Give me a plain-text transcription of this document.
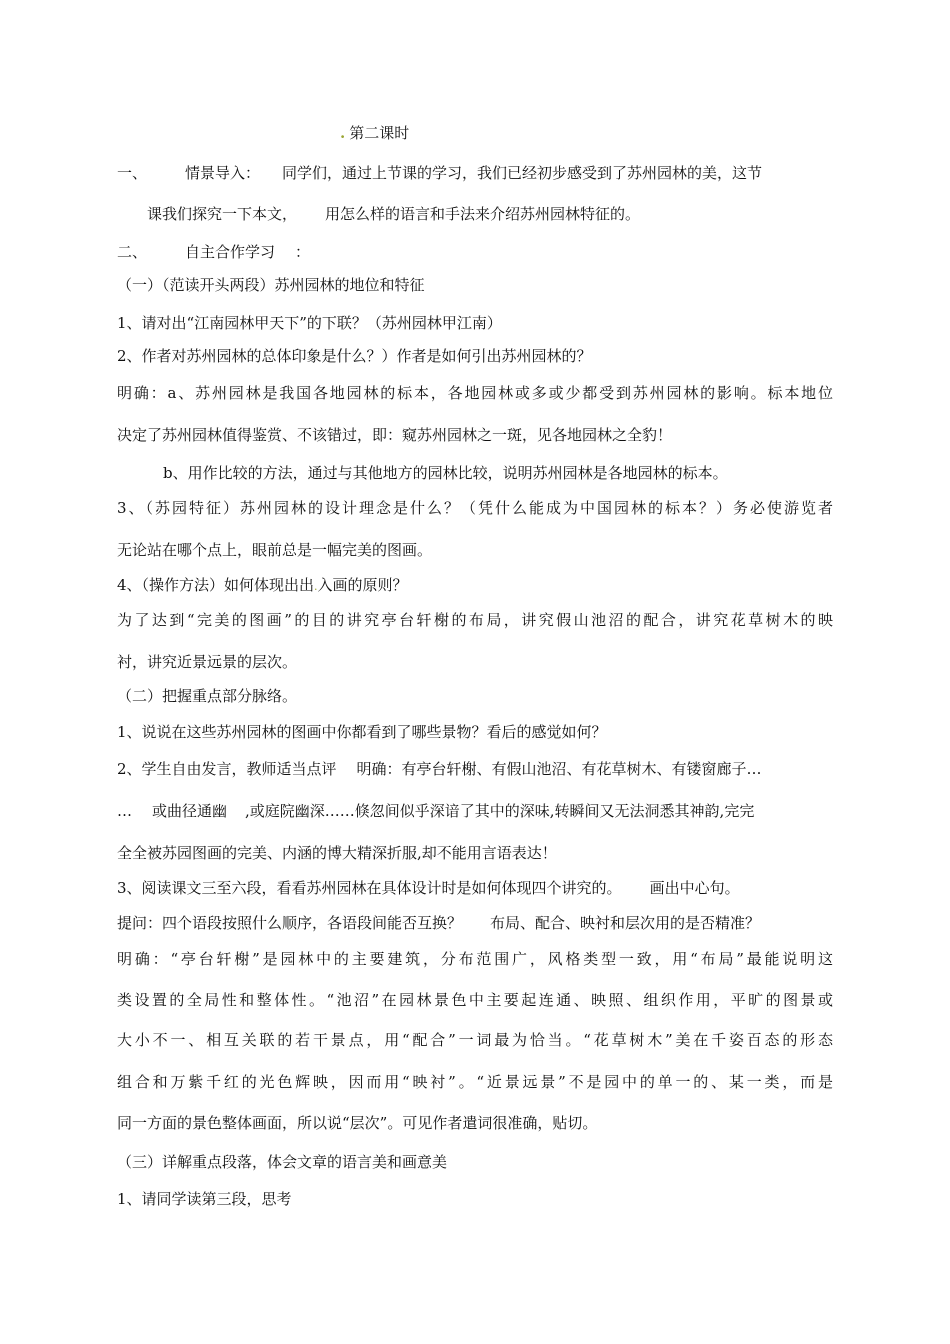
. 第二课时
一、	情景导入： 同学们，通过上节课的学习，我们已经初步感受到了苏州园林的美，这节
课我们探究一下本文， 用怎么样的语言和手法来介绍苏州园林特征的。
二、	自主合作学习 ：
（一）（范读开头两段）苏州园林的地位和特征
1、请对出“江南园林甲天下”的下联？（苏州园林甲江南）
2、作者对苏州园林的总体印象是什么？）作者是如何引出苏州园林的？
明确：a、苏州园林是我国各地园林的标本，各地园林或多或少都受到苏州园林的影响。标本地位
决定了苏州园林值得鉴赏、不该错过，即：窥苏州园林之一斑，见各地园林之全豹！
b、用作比较的方法，通过与其他地方的园林比较，说明苏州园林是各地园林的标本。
3、（苏园特征）苏州园林的设计理念是什么？（凭什么能成为中国园林的标本？）务必使游览者
无论站在哪个点上，眼前总是一幅完美的图画。
4、（操作方法）如何体现出出.入画的原则？
为了达到“完美的图画”的目的讲究亭台轩榭的布局，讲究假山池沼的配合，讲究花草树木的映
衬，讲究近景远景的层次。
（二）把握重点部分脉络。
1、说说在这些苏州园林的图画中你都看到了哪些景物？看后的感觉如何？
2、学生自由发言，教师适当点评 明确：有亭台轩榭、有假山池沼、有花草树木、有镂窗廊子…
… 或曲径通幽 ,或庭院幽深……倏忽间似乎深谙了其中的深味,转瞬间又无法洞悉其神韵,完完
全全被苏园图画的完美、内涵的博大精深折服,却不能用言语表达！
3、阅读课文三至六段，看看苏州园林在具体设计时是如何体现四个讲究的。 画出中心句。
提问：四个语段按照什么顺序，各语段间能否互换？ 布局、配合、映衬和层次用的是否精准？
明确：“亭台轩榭”是园林中的主要建筑，分布范围广，风格类型一致，用“布局”最能说明这
类设置的全局性和整体性。“池沼”在园林景色中主要起连通、映照、组织作用，平旷的图景或
大小不一、相互关联的若干景点，用“配合”一词最为恰当。“花草树木”美在千姿百态的形态
组合和万紫千红的光色辉映，因而用“映衬”。“近景远景”不是园中的单一的、某一类，而是
同一方面的景色整体画面，所以说“层次”。可见作者遣词很准确，贴切。
（三）详解重点段落，体会文章的语言美和画意美
1、请同学读第三段，思考
